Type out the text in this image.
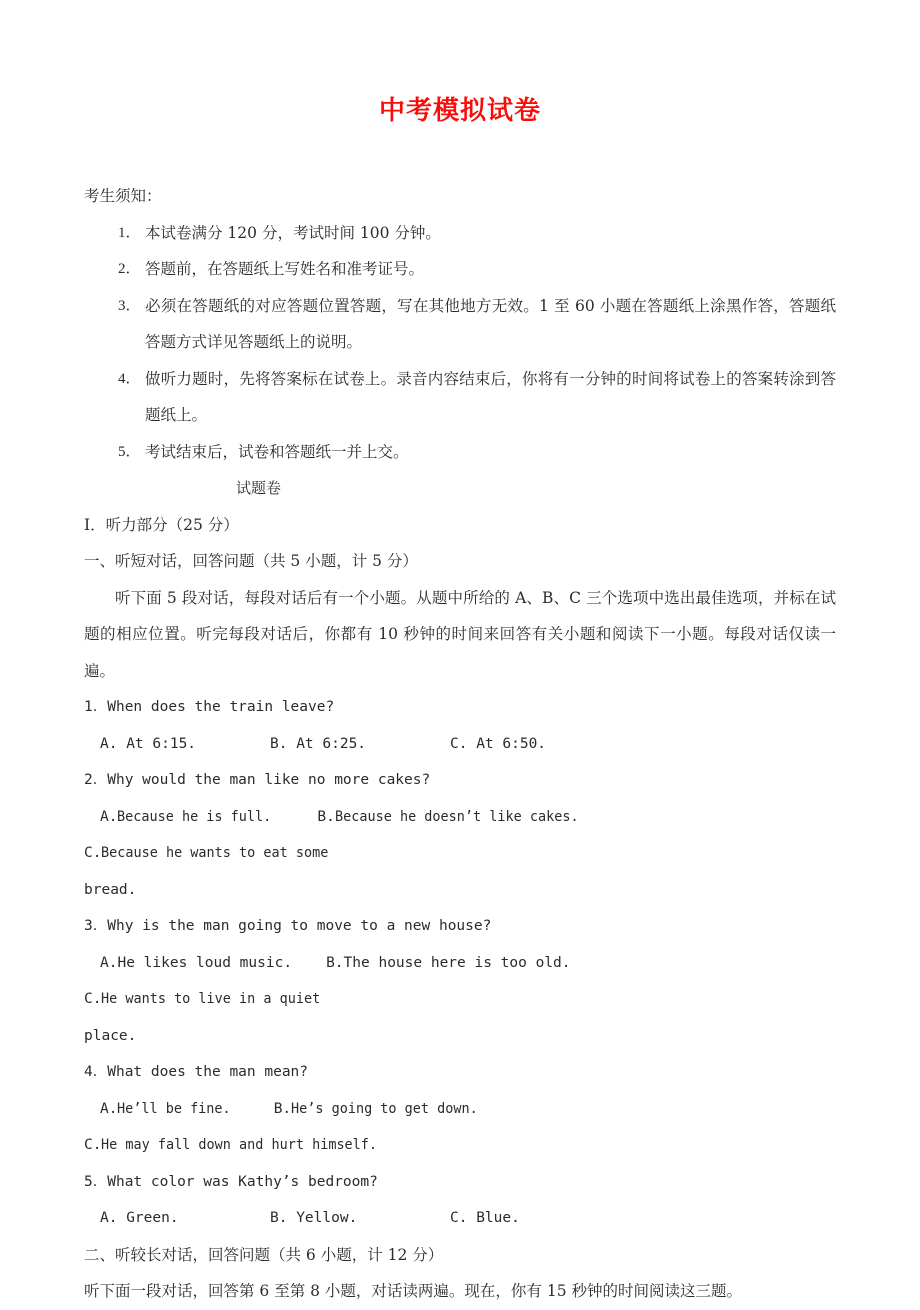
中考模拟试卷

考生须知：

1． 本试卷满分 120 分，考试时间 100 分钟。
2． 答题前，在答题纸上写姓名和准考证号。
3． 必须在答题纸的对应答题位置答题，写在其他地方无效。1 至 60 小题在答题纸上涂黑作答，答题纸答题方式详见答题纸上的说明。
4． 做听力题时，先将答案标在试卷上。录音内容结束后，你将有一分钟的时间将试卷上的答案转涂到答题纸上。
5． 考试结束后，试卷和答题纸一并上交。

试题卷

I．听力部分（25 分）

一、听短对话，回答问题（共 5 小题，计 5 分）

听下面 5 段对话，每段对话后有一个小题。从题中所给的 A、B、C 三个选项中选出最佳选项，并标在试题的相应位置。听完每段对话后，你都有 10 秒钟的时间来回答有关小题和阅读下一小题。每段对话仅读一遍。

1．When does the train leave?

A. At 6:15.	B. At 6:25.	C. At 6:50.

2．Why would the man like no more cakes?

A.Because he is full.	B.Because he doesn’t like cakes.C.Because he wants to eat some
bread.

3．Why is the man going to move to a new house?

A.He likes loud music. B.The house here is too old.C.He wants to live in a quiet
place.

4．What does the man mean?

A.He’ll be fine.	B.He’s going to get down.C.He may fall down and hurt himself.

5．What color was Kathy’s bedroom?

A. Green.	B. Yellow.	C. Blue.

二、听较长对话，回答问题（共 6 小题，计 12 分）

听下面一段对话，回答第 6 至第 8 小题，对话读两遍。现在，你有 15 秒钟的时间阅读这三题。
